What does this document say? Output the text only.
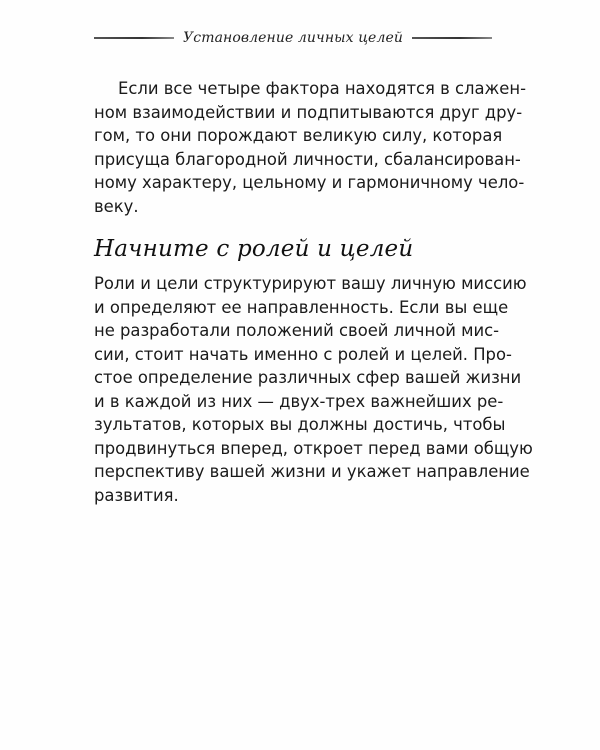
Установление личных целей
Если все четыре фактора находятся в слажен-
ном взаимодействии и подпитываются друг дру-
гом, то они порождают великую силу, которая
присуща благородной личности, сбалансирован-
ному характеру, цельному и гармоничному чело-
веку.
Начните с ролей и целей
Роли и цели структурируют вашу личную миссию
и определяют ее направленность. Если вы еще
не разработали положений своей личной мис-
сии, стоит начать именно с ролей и целей. Про-
стое определение различных сфер вашей жизни
и в каждой из них — двух-трех важнейших ре-
зультатов, которых вы должны достичь, чтобы
продвинуться вперед, откроет перед вами общую
перспективу вашей жизни и укажет направление
развития.
